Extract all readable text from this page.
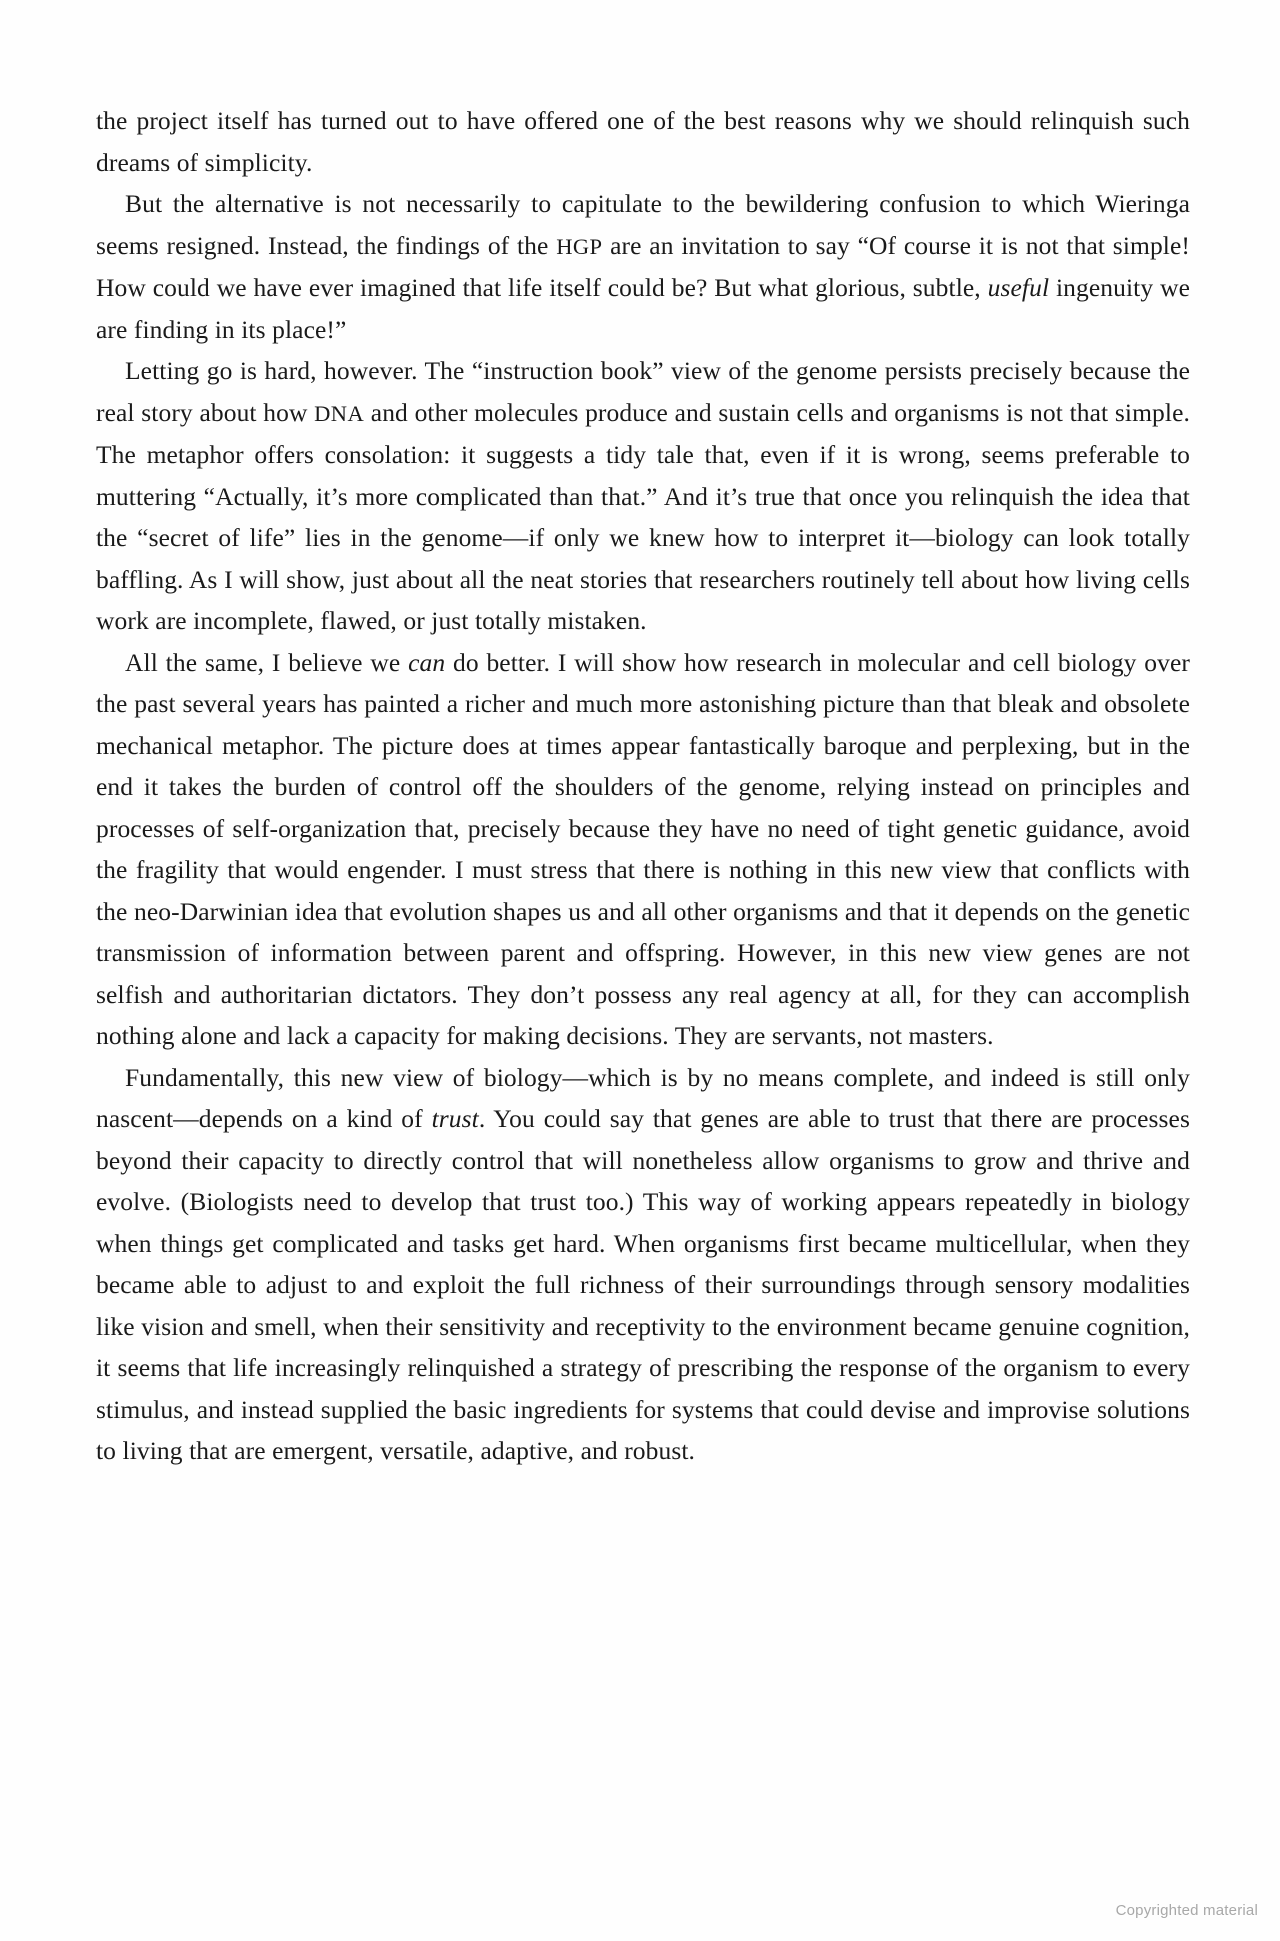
the project itself has turned out to have offered one of the best reasons why we should relinquish such dreams of simplicity.

But the alternative is not necessarily to capitulate to the bewildering confusion to which Wieringa seems resigned. Instead, the findings of the HGP are an invitation to say “Of course it is not that simple! How could we have ever imagined that life itself could be? But what glorious, subtle, useful ingenuity we are finding in its place!”

Letting go is hard, however. The “instruction book” view of the genome persists precisely because the real story about how DNA and other molecules produce and sustain cells and organisms is not that simple. The metaphor offers consolation: it suggests a tidy tale that, even if it is wrong, seems preferable to muttering “Actually, it’s more complicated than that.” And it’s true that once you relinquish the idea that the “secret of life” lies in the genome—if only we knew how to interpret it—biology can look totally baffling. As I will show, just about all the neat stories that researchers routinely tell about how living cells work are incomplete, flawed, or just totally mistaken.

All the same, I believe we can do better. I will show how research in molecular and cell biology over the past several years has painted a richer and much more astonishing picture than that bleak and obsolete mechanical metaphor. The picture does at times appear fantastically baroque and perplexing, but in the end it takes the burden of control off the shoulders of the genome, relying instead on principles and processes of self-organization that, precisely because they have no need of tight genetic guidance, avoid the fragility that would engender. I must stress that there is nothing in this new view that conflicts with the neo-Darwinian idea that evolution shapes us and all other organisms and that it depends on the genetic transmission of information between parent and offspring. However, in this new view genes are not selfish and authoritarian dictators. They don’t possess any real agency at all, for they can accomplish nothing alone and lack a capacity for making decisions. They are servants, not masters.

Fundamentally, this new view of biology—which is by no means complete, and indeed is still only nascent—depends on a kind of trust. You could say that genes are able to trust that there are processes beyond their capacity to directly control that will nonetheless allow organisms to grow and thrive and evolve. (Biologists need to develop that trust too.) This way of working appears repeatedly in biology when things get complicated and tasks get hard. When organisms first became multicellular, when they became able to adjust to and exploit the full richness of their surroundings through sensory modalities like vision and smell, when their sensitivity and receptivity to the environment became genuine cognition, it seems that life increasingly relinquished a strategy of prescribing the response of the organism to every stimulus, and instead supplied the basic ingredients for systems that could devise and improvise solutions to living that are emergent, versatile, adaptive, and robust.

Copyrighted material
